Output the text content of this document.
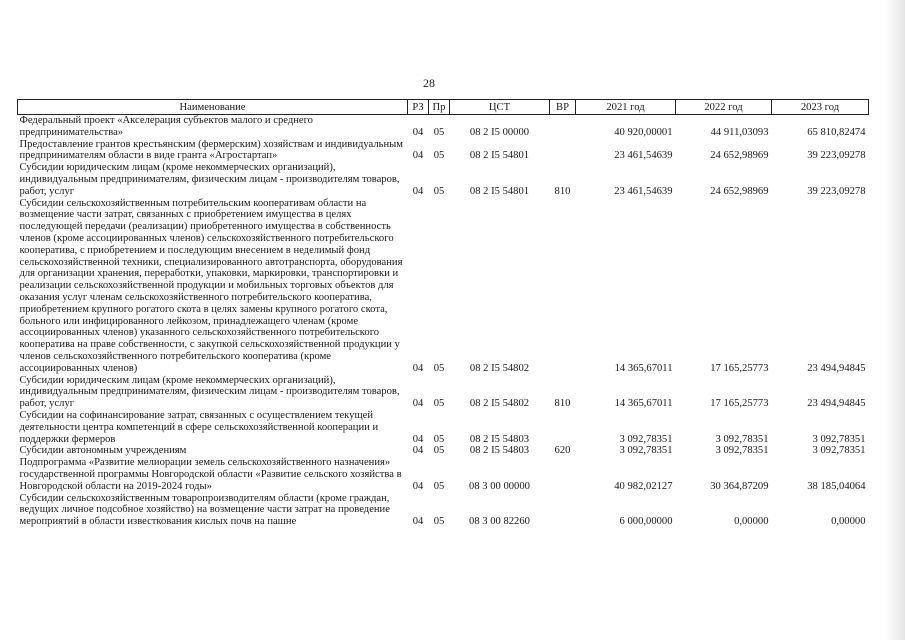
28
Наименование	РЗ	Пр	ЦСТ	ВР	2021 год	2022 год	2023 год
Федеральный проект «Акселерация субъектов малого и среднего предпринимательства»	04	05	08 2 I5 00000		40 920,00001	44 911,03093	65 810,82474
Предоставление грантов крестьянским (фермерским) хозяйствам и индивидуальным предпринимателям области в виде гранта «Агростартап»	04	05	08 2 I5 54801		23 461,54639	24 652,98969	39 223,09278
Субсидии юридическим лицам (кроме некоммерческих организаций), индивидуальным предпринимателям, физическим лицам - производителям товаров, работ, услуг	04	05	08 2 I5 54801	810	23 461,54639	24 652,98969	39 223,09278
Субсидии сельскохозяйственным потребительским кооперативам области на возмещение части затрат, связанных с приобретением имущества в целях последующей передачи (реализации) приобретенного имущества в собственность членов (кроме ассоциированных членов) сельскохозяйственного потребительского кооператива, с приобретением и последующим внесением в неделимый фонд сельскохозяйственной техники, специализированного автотранспорта, оборудования для организации хранения, переработки, упаковки, маркировки, транспортировки и реализации сельскохозяйственной продукции и мобильных торговых объектов для оказания услуг членам сельскохозяйственного потребительского кооператива, приобретением крупного рогатого скота в целях замены крупного рогатого скота, больного или инфицированного лейкозом, принадлежащего членам (кроме ассоциированных членов) указанного сельскохозяйственного потребительского кооператива на праве собственности, с закупкой сельскохозяйственной продукции у членов сельскохозяйственного потребительского кооператива (кроме ассоциированных членов)	04	05	08 2 I5 54802		14 365,67011	17 165,25773	23 494,94845
Субсидии юридическим лицам (кроме некоммерческих организаций), индивидуальным предпринимателям, физическим лицам - производителям товаров, работ, услуг	04	05	08 2 I5 54802	810	14 365,67011	17 165,25773	23 494,94845
Субсидии на софинансирование затрат, связанных с осуществлением текущей деятельности центра компетенций в сфере сельскохозяйственной кооперации и поддержки фермеров	04	05	08 2 I5 54803		3 092,78351	3 092,78351	3 092,78351
Субсидии автономным учреждениям	04	05	08 2 I5 54803	620	3 092,78351	3 092,78351	3 092,78351
Подпрограмма «Развитие мелиорации земель сельскохозяйственного назначения» государственной программы Новгородской области «Развитие сельского хозяйства в Новгородской области на 2019-2024 годы»	04	05	08 3 00 00000		40 982,02127	30 364,87209	38 185,04064
Субсидии сельскохозяйственным товаропроизводителям области (кроме граждан, ведущих личное подсобное хозяйство) на возмещение части затрат на проведение мероприятий в области известкования кислых почв на пашне	04	05	08 3 00 82260		6 000,00000	0,00000	0,00000
